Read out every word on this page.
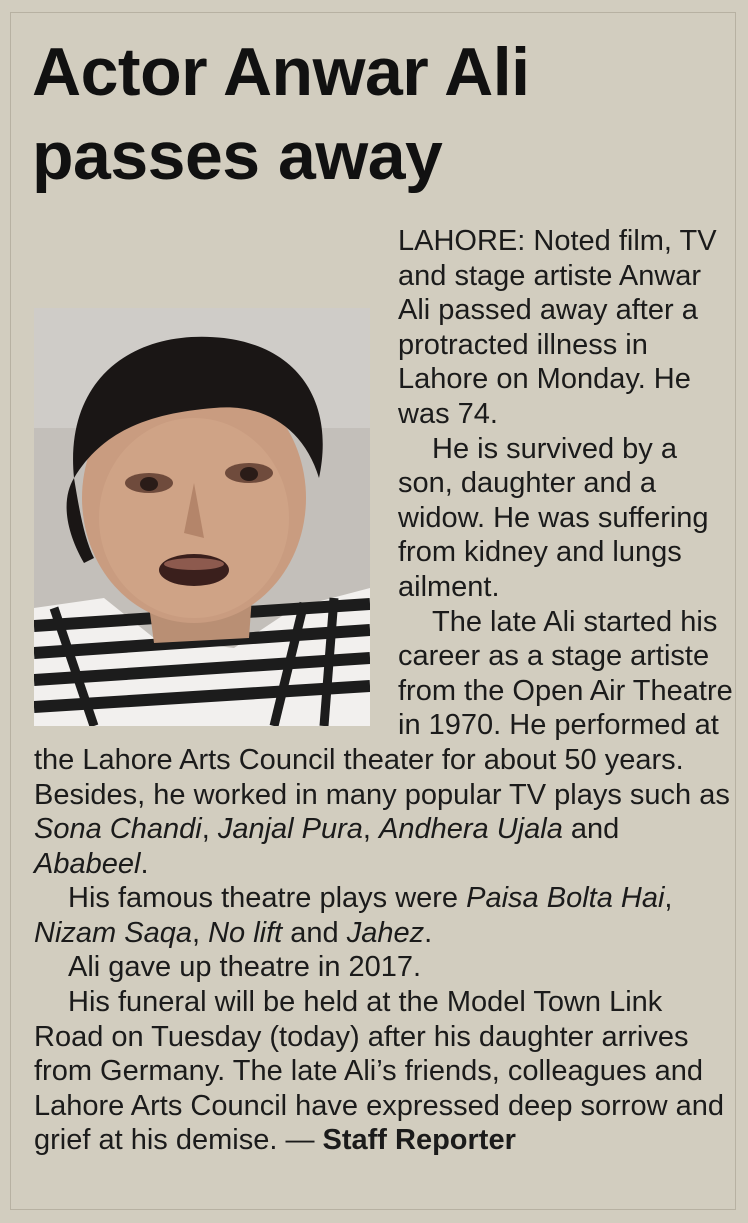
Actor Anwar Ali passes away

LAHORE: Noted film, TV and stage artiste Anwar Ali passed away after a protracted illness in Lahore on Monday. He was 74.

He is survived by a son, daughter and a widow. He was suffering from kidney and lungs ailment.

The late Ali started his career as a stage artiste from the Open Air Theatre in 1970. He performed at the Lahore Arts Council theater for about 50 years. Besides, he worked in many popular TV plays such as
Sona Chandi, Janjal Pura, Andhera Ujala and Ababeel.

His famous theatre plays were Paisa Bolta Hai, Nizam Saqa, No lift and Jahez.

Ali gave up theatre in 2017.

His funeral will be held at the Model Town Link Road on Tuesday (today) after his daughter arrives from Germany. The late Ali’s friends, colleagues and Lahore Arts Council have expressed deep sorrow and grief at his demise. — Staff Reporter
